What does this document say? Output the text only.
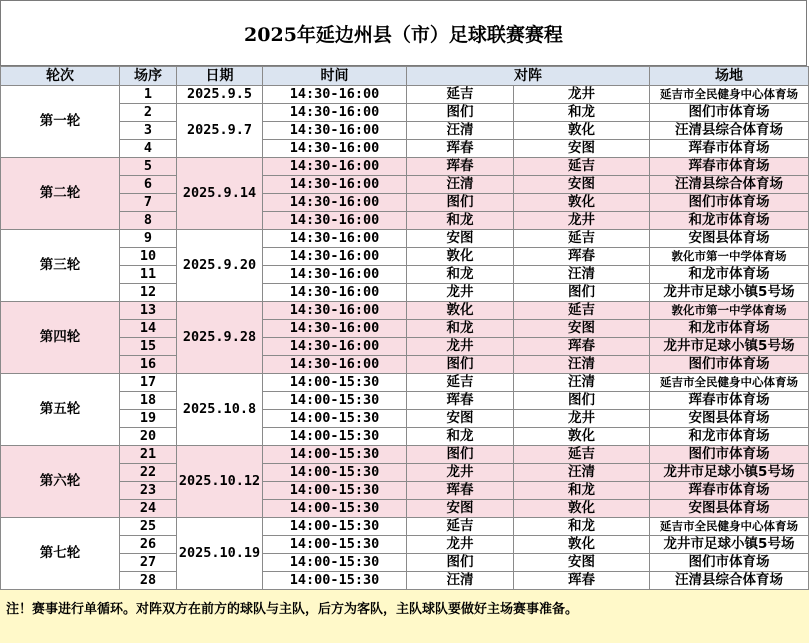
2025年延边州县（市）足球联赛赛程
轮次	场序	日期	时间	对阵		场地
第一轮	1	2025.9.5	14:30-16:00	延吉	龙井	延吉市全民健身中心体育场
	2	2025.9.7	14:30-16:00	图们	和龙	图们市体育场
	3		14:30-16:00	汪清	敦化	汪清县综合体育场
	4		14:30-16:00	珲春	安图	珲春市体育场
第二轮	5	2025.9.14	14:30-16:00	珲春	延吉	珲春市体育场
	6		14:30-16:00	汪清	安图	汪清县综合体育场
	7		14:30-16:00	图们	敦化	图们市体育场
	8		14:30-16:00	和龙	龙井	和龙市体育场
第三轮	9	2025.9.20	14:30-16:00	安图	延吉	安图县体育场
	10		14:30-16:00	敦化	珲春	敦化市第一中学体育场
	11		14:30-16:00	和龙	汪清	和龙市体育场
	12		14:30-16:00	龙井	图们	龙井市足球小镇5号场
第四轮	13	2025.9.28	14:30-16:00	敦化	延吉	敦化市第一中学体育场
	14		14:30-16:00	和龙	安图	和龙市体育场
	15		14:30-16:00	龙井	珲春	龙井市足球小镇5号场
	16		14:30-16:00	图们	汪清	图们市体育场
第五轮	17	2025.10.8	14:00-15:30	延吉	汪清	延吉市全民健身中心体育场
	18		14:00-15:30	珲春	图们	珲春市体育场
	19		14:00-15:30	安图	龙井	安图县体育场
	20		14:00-15:30	和龙	敦化	和龙市体育场
第六轮	21	2025.10.12	14:00-15:30	图们	延吉	图们市体育场
	22		14:00-15:30	龙井	汪清	龙井市足球小镇5号场
	23		14:00-15:30	珲春	和龙	珲春市体育场
	24		14:00-15:30	安图	敦化	安图县体育场
第七轮	25	2025.10.19	14:00-15:30	延吉	和龙	延吉市全民健身中心体育场
	26		14:00-15:30	龙井	敦化	龙井市足球小镇5号场
	27		14:00-15:30	图们	安图	图们市体育场
	28		14:00-15:30	汪清	珲春	汪清县综合体育场
注！赛事进行单循环。对阵双方在前方的球队与主队，后方为客队，主队球队要做好主场赛事准备。
